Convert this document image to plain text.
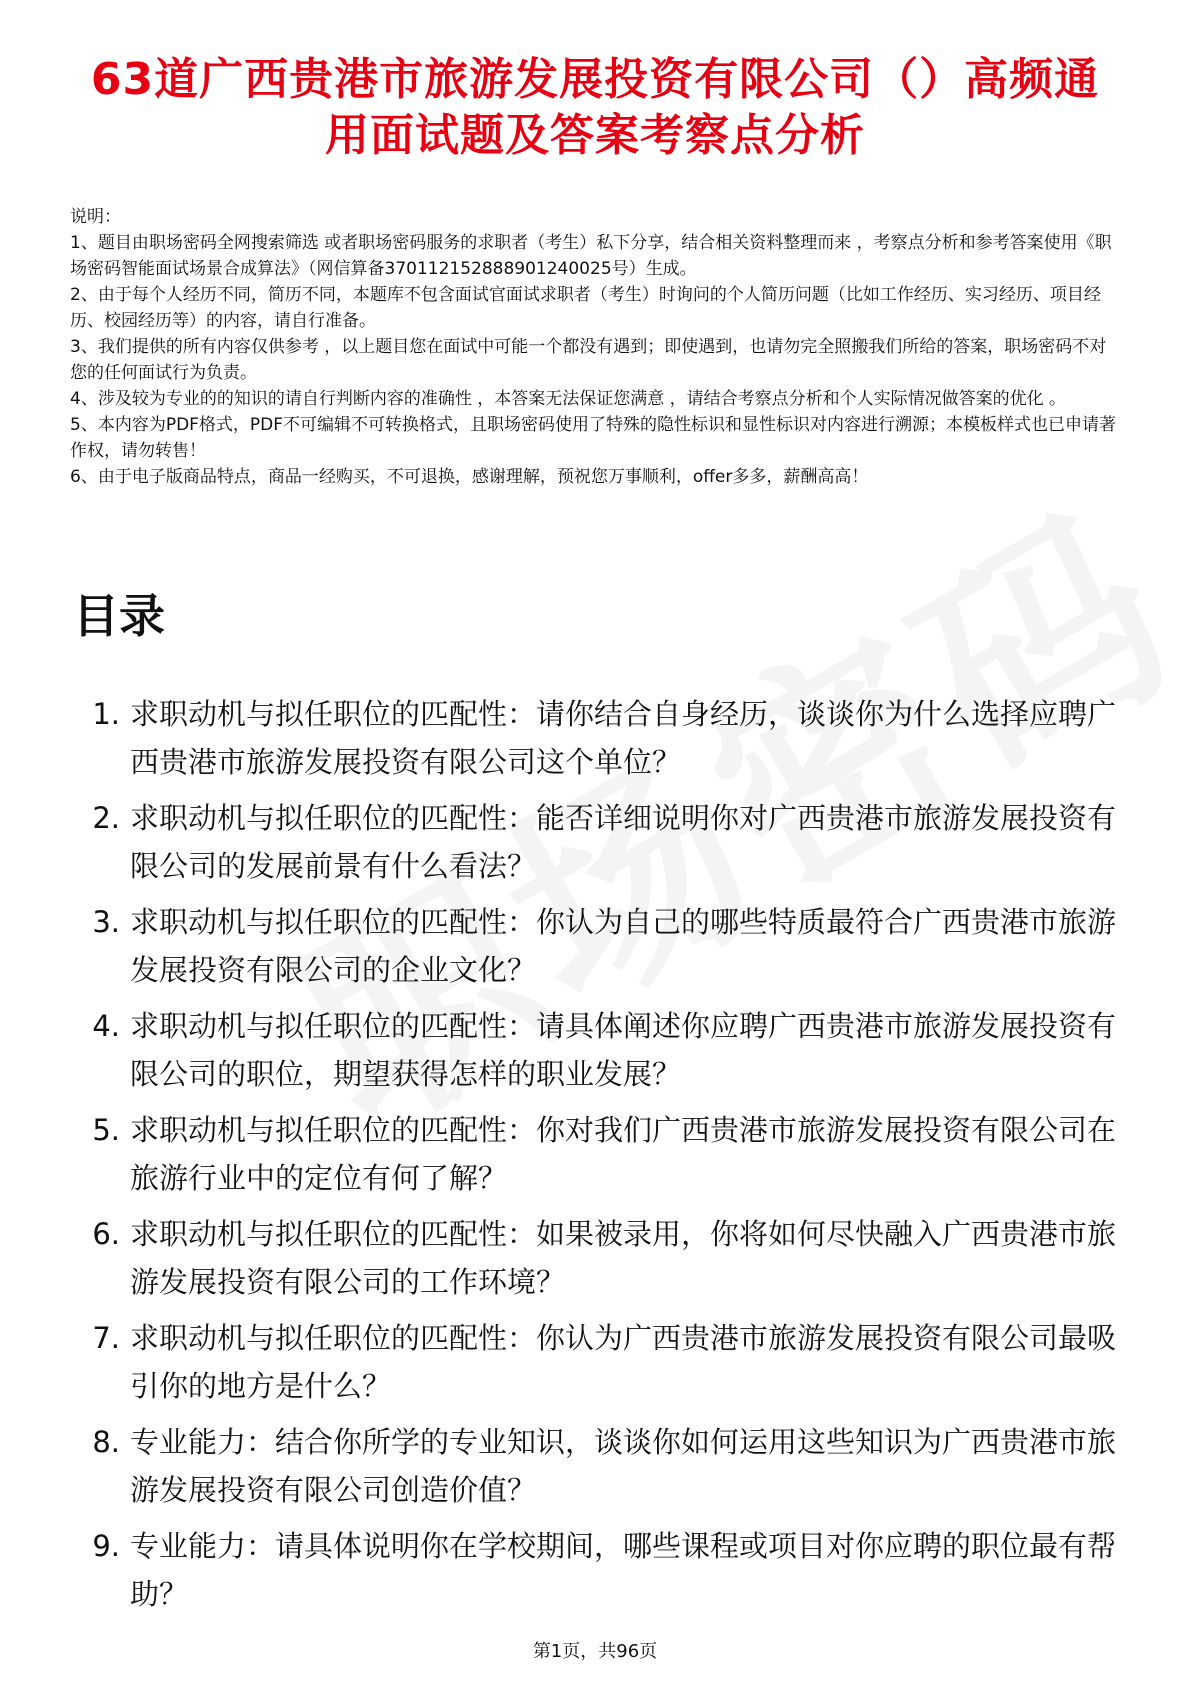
63道广西贵港市旅游发展投资有限公司（）高频通用面试题及答案考察点分析

说明：

1、题目由职场密码全网搜索筛选 或者职场密码服务的求职者（考生）私下分享，结合相关资料整理而来 ，考察点分析和参考答案使用《职场密码智能面试场景合成算法》（网信算备370112152888901240025号）生成。

2、由于每个人经历不同，简历不同，本题库不包含面试官面试求职者（考生）时询问的个人简历问题（比如工作经历、实习经历、项目经历、校园经历等）的内容，请自行准备。

3、我们提供的所有内容仅供参考 ，以上题目您在面试中可能一个都没有遇到；即使遇到，也请勿完全照搬我们所给的答案，职场密码不对您的任何面试行为负责。

4、涉及较为专业的的知识的请自行判断内容的准确性 ，本答案无法保证您满意 ，请结合考察点分析和个人实际情况做答案的优化 。

5、本内容为PDF格式，PDF不可编辑不可转换格式，且职场密码使用了特殊的隐性标识和显性标识对内容进行溯源；本模板样式也已申请著作权，请勿转售！

6、由于电子版商品特点，商品一经购买，不可退换，感谢理解，预祝您万事顺利，offer多多，薪酬高高！

目录
1. 求职动机与拟任职位的匹配性：请你结合自身经历，谈谈你为什么选择应聘广西贵港市旅游发展投资有限公司这个单位？
2. 求职动机与拟任职位的匹配性：能否详细说明你对广西贵港市旅游发展投资有限公司的发展前景有什么看法？
3. 求职动机与拟任职位的匹配性：你认为自己的哪些特质最符合广西贵港市旅游发展投资有限公司的企业文化？
4. 求职动机与拟任职位的匹配性：请具体阐述你应聘广西贵港市旅游发展投资有限公司的职位，期望获得怎样的职业发展？
5. 求职动机与拟任职位的匹配性：你对我们广西贵港市旅游发展投资有限公司在旅游行业中的定位有何了解？
6. 求职动机与拟任职位的匹配性：如果被录用，你将如何尽快融入广西贵港市旅游发展投资有限公司的工作环境？
7. 求职动机与拟任职位的匹配性：你认为广西贵港市旅游发展投资有限公司最吸引你的地方是什么？
8. 专业能力：结合你所学的专业知识，谈谈你如何运用这些知识为广西贵港市旅游发展投资有限公司创造价值？
9. 专业能力：请具体说明你在学校期间，哪些课程或项目对你应聘的职位最有帮助？
第1页，共96页
